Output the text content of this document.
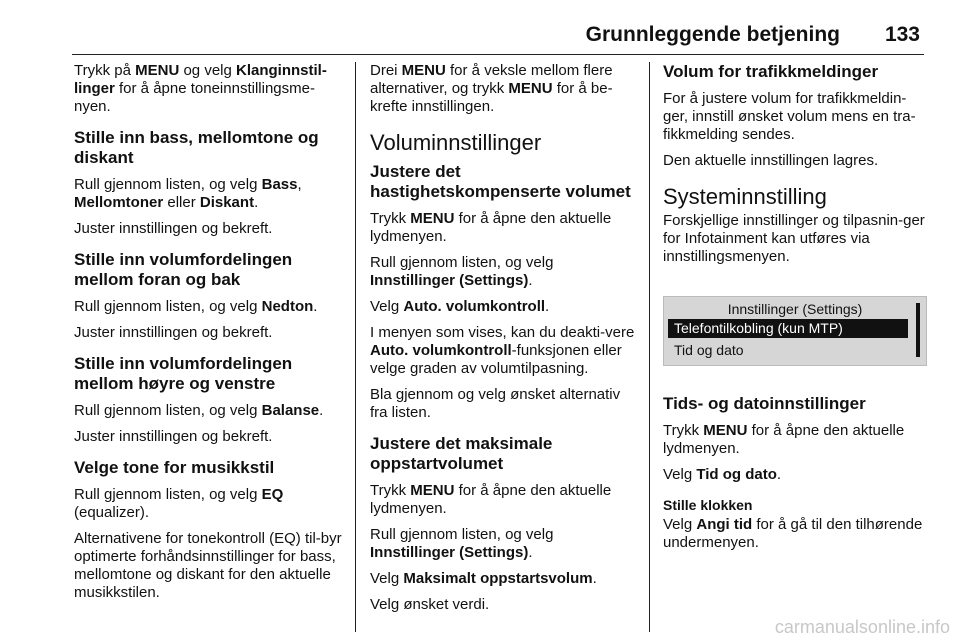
Grunnleggende betjening 133

Trykk på MENU og velg Klanginnstil-linger for å åpne toneinnstillingsme-nyen.

Stille inn bass, mellomtone og diskant

Rull gjennom listen, og velg Bass, Mellomtoner eller Diskant.

Juster innstillingen og bekreft.

Stille inn volumfordelingen mellom foran og bak

Rull gjennom listen, og velg Nedton.

Juster innstillingen og bekreft.

Stille inn volumfordelingen mellom høyre og venstre

Rull gjennom listen, og velg Balanse.

Juster innstillingen og bekreft.

Velge tone for musikkstil

Rull gjennom listen, og velg EQ (equalizer).

Alternativene for tonekontroll (EQ) til-byr optimerte forhåndsinnstillinger for bass, mellomtone og diskant for den aktuelle musikkstilen.

Drei MENU for å veksle mellom flere alternativer, og trykk MENU for å be-krefte innstillingen.

Voluminnstillinger
Justere det hastighetskompenserte volumet

Trykk MENU for å åpne den aktuelle lydmenyen.

Rull gjennom listen, og velg Innstillinger (Settings).

Velg Auto. volumkontroll.

I menyen som vises, kan du deakti-vere Auto. volumkontroll-funksjonen eller velge graden av volumtilpasning.

Bla gjennom og velg ønsket alternativ fra listen.

Justere det maksimale oppstartvolumet

Trykk MENU for å åpne den aktuelle lydmenyen.

Rull gjennom listen, og velg Innstillinger (Settings).

Velg Maksimalt oppstartsvolum.

Velg ønsket verdi.

Volum for trafikkmeldinger

For å justere volum for trafikkmeldin-ger, innstill ønsket volum mens en tra-fikkmelding sendes.

Den aktuelle innstillingen lagres.

Systeminnstilling

Forskjellige innstillinger og tilpasnin-ger for Infotainment kan utføres via innstillingsmenyen.

Innstillinger (Settings)
Telefontilkobling (kun MTP)
Tid og dato
Tids- og datoinnstillinger

Trykk MENU for å åpne den aktuelle lydmenyen.

Velg Tid og dato.

Stille klokken

Velg Angi tid for å gå til den tilhørende undermenyen.

carmanualsonline.info
